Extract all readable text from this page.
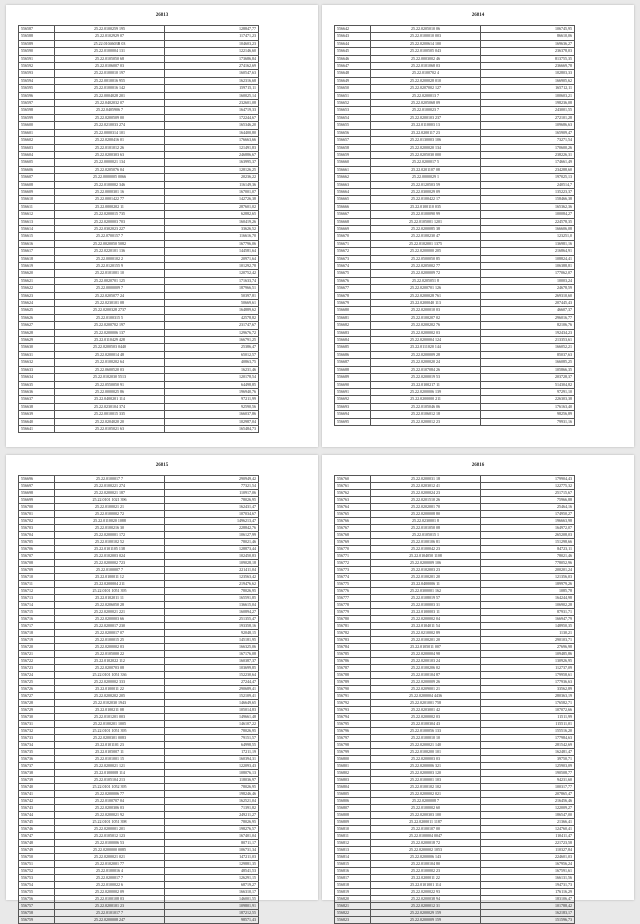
26813
556587	25.22.0100259 195	128847,77
556588	25.22.0102929 07	117471,23
556589	25.22.0104603B 03	104603,23
556590	25.22.0100004 131	122146,60
556591	25.22.0105050 68	173686,84
556592	25.22.0106007 03	274162,69
556593	25.22.0100010 197	160547,63
556594	25.22.0010016 955	162316,68
556595	25.22.0100016 142	159715,11
556596	25.22.0004028 201	160025,14
556597	25.22.0402032 07	232601,08
556598	25.22.0405906 7	164719,33
556599	25.22.0200509 00	172244,67
556600	25.22.0210033 274	165346,20
556601	25.22.0000314 101	164400,80
556602	25.22.0200416 01	176663,66
556603	25.22.0101012 26	121491,83
556604	25.22.0200303 63	246886,67
556605	25.22.0000021 134	163995,37
556606	25.22.0205076 04	128126,25
556607	25.22.0000005 0066	20236,22
556608	25.22.0100002 346	116149,36
556609	25.22.0000301 16	167001,07
556610	25.22.0001422 77	142726,38
556611	25.22.0000202 11	287601,02
556612	25.22.0200015 735	62882,65
556613	25.22.0200003 703	160419,26
556614	25.22.0302023 227	33626,52
556615	25.22.0700157 7	116616,70
556616	25.22.0020050 5082	167796,06
556617	25.22.0220101 136	144581,64
556618	25.22.0000102 2	20971,64
556619	25.22.0120155 9	101292,78
556620	25.22.0101001 10	120752,42
556621	25.22.0020701 125	171633,74
556622	25.22.0000009 7	187966,51
556623	25.22.0205077 24	50397,81
556624	25.22.0230101 08	50669,61
556625	25.22.0200328 2737	164889,62
556626	25.22.0100315 5	42578,82
556627	25.22.0200702 197	231747,67
556628	25.22.0200006 137	129676,72
556629	25.22.0110429 428	166791,25
556630	25.22.0200503 0440	25386,47
556631	25.22.0200014 48	65012,57
556632	25.22.0100202 64	40863,75
556633	25.22.0600520 03	16231,46
556634	25.22.0102030 5513	120178,54
556635	25.22.0550050 91	64498,85
556636	25.22.0000025 86	196940,76
556637	25.22.0400201 114	97211,99
556638	25.22.0230104 374	92590,56
556639	25.22.0010015 335	166037,86
556640	25.22.0204020 20	102987,04
556641	25.22.0105021 63	165484,73
26814
556642	25.22.0205010 06	106745,95
556643	25.22.0100010 003	86610,06
556644	25.22.0200614 100	169636,27
556645	25.22.0100505 043	236378,03
556646	25.22.0003002 46	813755,35
556647	25.22.0101068 03	236669,78
556648	25.22.0100702 4	102803,33
556649	25.22.0200028 010	166905,62
556650	25.22.0207002 127	165712,11
556651	25.22.0200013 7	100603,21
556652	25.22.0205068 09	198236,08
556653	25.22.0100023 7	243001,55
556654	25.22.0200103 237	272101,28
556655	25.22.0110003 13	109686,63
556656	25.22.0200117 23	165909,47
556657	25.22.0130003 106	73271,54
556658	25.22.0200020 134	170600,26
556659	25.22.0205030 000	238226,31
556660	25.22.0200017 5	174661,49
556661	25.22.0201107 08	234288,60
556662	25.22.0000029 1	197025,13
556663	25.22.0120503 59	240514,7
556664	25.22.0300029 09	135223,37
556665	25.22.0100422 17	158466,38
556666	25.22.0100110 035	165362,36
556667	25.22.0100090 99	100084,27
556668	25.22.0105001 1201	224578,35
556669	25.22.0200085 38	166606,08
556670	25.22.0100230 47	123251,0
556671	25.22.0102001 1375	136981,16
556672	25.22.0200000 205	216864,91
556673	25.22.0500050 85	108824,41
556674	25.22.0205002 77	106388,81
556675	25.22.0200009 72	177062,07
556676	25.22.0205051 8	10003,24
556677	25.22.0200701 126	24678,59
556678	25.22.0200028 761	269310,60
556679	25.22.0200040 113	207445,43
556680	25.22.0200010 03	46607,37
556681	25.22.0100207 02	296016,77
556682	25.22.0200202 76	82106,76
556683	25.22.0200002 03	192434,23
556684	25.22.0200004 124	213353,61
556685	25.22.0111020 144	166052,21
556686	25.22.0200009 28	85037,63
556687	25.22.0200020 24	166085,25
556688	25.22.0107084 26	105866,35
556689	25.22.0200019 53	203728,37
556690	25.22.0100217 11	514304,82
556691	25.22.0200006 139	97291,10
556692	25.22.0200000 211	226303,38
556693	25.22.0105046 06	176163,40
556694	25.22.0106012 18	98256,89
556695	25.22.0200012 23	79931,16
26815
556696	25.22.0100017 7	290949,42
556697	25.22.0100221 274	77321,54
556698	25.22.0200021 187	110917,06
556699	25.22.0101 1021 396	78026,95
556700	25.22.0100021 21	162431,47
556701	25.22.0100002 72	107034,67
556702	25.22.0110020 1088	1496213,47
556703	25.22.0100216 30	228842,76
556704	25.22.0200001 172	106127,99
556705	25.22.0100102 52	78021,46
556706	25.22.0101105 138	128873,44
556707	25.22.0102003 024	102450,83
556708	25.22.0200002 723	109028,18
556709	25.22.0100007 7	221411,04
556710	25.22.0100011 12	123563,42
556711	25.22.0200004 211	219476,62
556712	25.22.0101 1051 395	78026,95
556713	25.22.0102011 11	165591,85
556714	25.22.0206050 28	136615,04
556715	25.22.0200021 221	160894,27
556716	25.22.0200003 66	251355,47
556717	25.22.0200017 230	193358,16
556718	25.22.0200017 07	92048,15
556719	25.22.0100015 25	145181,95
556720	25.22.0200002 03	166325,06
556721	25.22.0105000 22	167176,08
556722	25.22.0102022 112	160387,37
556723	25.22.0200703 08	103699,85
556724	25.22.0101 1051 336	152230,64
556725	25.22.0200002 333	27244,47
556726	25.22.0100011 22	290689,41
556727	25.22.0200202 205	152109,41
556728	25.22.0102030 1943	146649,65
556729	25.22.0100211 08	105014,83
556730	25.22.0101201 003	149661,48
556731	25.22.0100201 1005	146107,22
556732	25.22.0101 1051 395	78026,95
556733	25.22.0200301 0083	79151,57
556734	25.22.0101101 23	64998,55
556735	25.22.0105007 11	17211,19
556736	25.22.0101001 15	160394,31
556737	25.22.0200021 121	122093,43
556738	25.22.0100008 114	108076,13
556739	25.22.0105104 213	118036,97
556740	25.22.0101 1052 395	78026,95
556741	25.22.0200006 77	198246,46
556742	25.22.0100707 04	162521,04
556743	25.22.0200306 03	71391,82
556744	25.22.0200021 92	249211,27
556745	25.22.0101 1051 398	78026,95
556746	25.22.0200001 201	198276,57
556747	25.22.0105012 123	167401,04
556748	25.22.0100006 53	80711,17
556749	25.22.0200000 0085	106731,34
556750	25.22.0200021 021	147211,03
556751	25.22.0102001 77	129881,35
556752	25.22.0100016 4	48541,53
556753	25.22.0200017 7	126291,15
556754	25.22.0100022 6	68719,27
556755	25.22.0200002 09	166310,17
556756	25.22.0100108 03	146001,55
556757	25.22.0200101 23	109801,91
556758	25.22.0101017 7	187212,55
556759	25.22.0200008 247	98571,43
26816
556760	25.22.0200031 18	179904,43
556761	25.22.0203012 41	122775,32
556762	25.22.0200024 23	251715,67
556763	25.22.0201510 26	75966,88
556764	25.22.0202001 70	25464,16
556765	25.22.0200008 80	174950,27
556766	25.22.0230001 8	196663,98
556767	25.22.0101050 08	164972,07
556768	25.22.0105015 1	265208,03
556769	25.22.0100106 81	151298,66
556770	25.22.0100042 23	84723,11
556771	25.22.0104050 1108	78021,46
556772	25.22.0200009 106	778052,96
556773	25.22.0102003 23	200201,24
556774	25.22.0100201 20	121356,03
556775	25.22.0400006 11	189979,26
556776	25.22.0300001 162	1085,78
556777	25.22.0108019 57	164244,98
556778	25.22.0100003 31	106902,28
556779	25.22.0100003 11	87931,71
556780	25.22.0200002 04	166947,79
556781	25.22.0104011 54	148950,35
556782	25.22.0210002 89	1130,21
556783	25.22.0100201 20	290103,71
556784	25.22.0105011 007	27696,98
556785	25.22.0200004 98	109485,86
556786	25.22.0200103 24	130926,95
556787	25.22.0100206 02	112737,09
556788	25.22.0100104 87	179958,61
556789	25.22.0200009 26	177936,63
556790	25.22.0209001 21	33562,89
556791	25.22.0200004 4436	280363,19
556792	25.22.0201001 758	176582,71
556793	25.22.0203001 42	107072,66
556794	25.22.0200002 03	11511,99
556795	25.22.0100304 43	115511,01
556796	25.22.0100056 133	155516,20
556797	25.22.0100010 10	177984,63
556798	25.22.0200021 140	281542,69
556799	25.22.0100200 101	162481,47
556800	25.22.0200003 03	39750,71
556801	25.22.0200006 321	125903,09
556802	25.22.0200003 120	190508,77
556803	25.22.0100001 103	94231,60
556804	25.22.0100102 102	100317,77
556805	25.22.0200002 021	207865,47
556806	25.22.0200008 7	216456,46
556807	25.22.0100002 60	122009,27
556808	25.22.0200303 100	186547,00
556809	25.22.0200011 1187	21366,41
556810	25.22.0100107 00	124760,41
556811	25.22.0100004 0047	110411,47
556812	25.22.0200018 72	221723,58
556813	25.22.0200002 1053	110327,84
556814	25.22.0200006 143	224601,03
556815	25.22.0100104 80	167956,24
556816	25.22.0100002 23	167591,61
556817	25.22.0200011 22	166131,56
556818	25.22.0101001 114	194731,73
556819	25.22.0200022 93	176116,29
556820	25.22.0200038 94	183106,47
556821	25.22.0200012 31	101788,42
556822	25.22.0200029 159	162183,17
556823	25.22.0200009 159	151596,73
